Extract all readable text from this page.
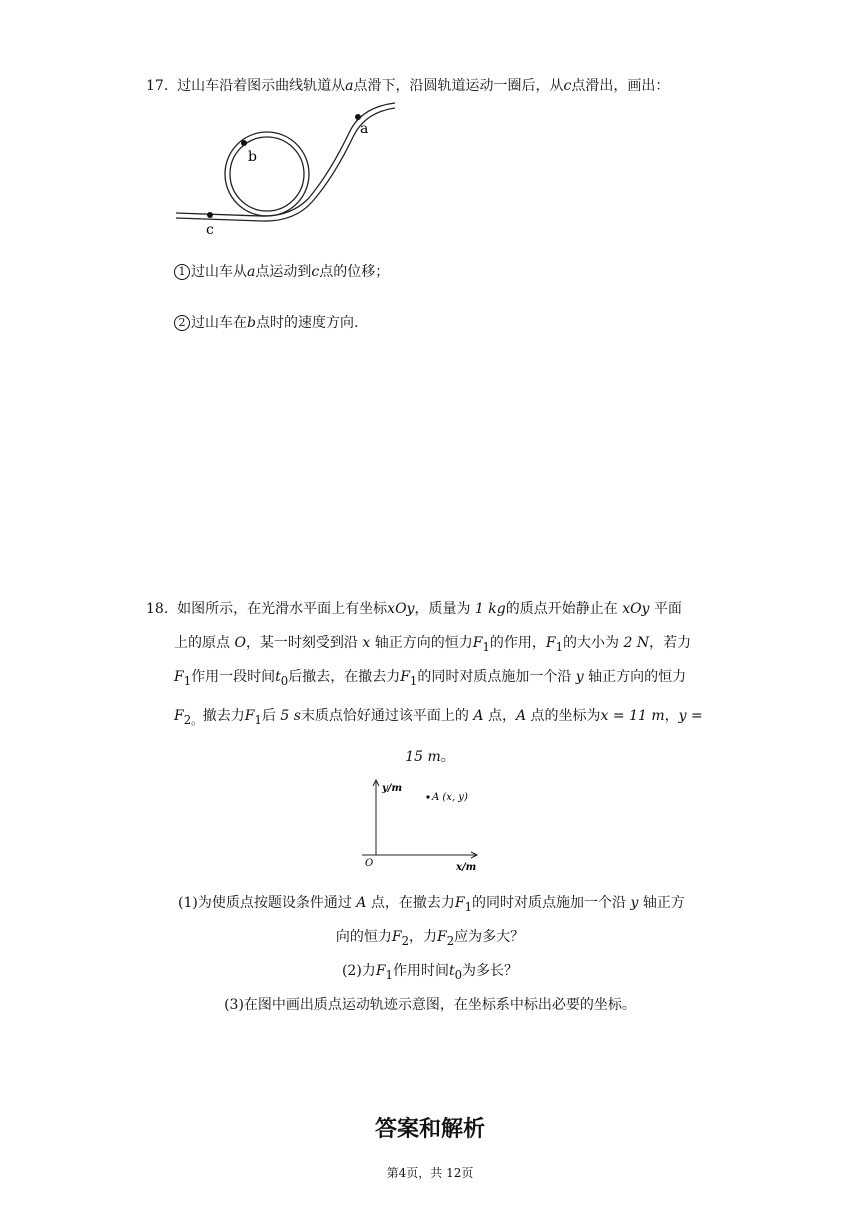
17. 过山车沿着图示曲线轨道从a点滑下，沿圆轨道运动一圈后，从c点滑出，画出：
a
b
c
1 过山车从a点运动到c点的位移；
2 过山车在b点时的速度方向.
18. 如图所示，在光滑水平面上有坐标xOy，质量为 1 kg的质点开始静止在 xOy 平面
上的原点 O，某一时刻受到沿 x 轴正方向的恒力$F_1$的作用，$F_1$的大小为 2 N，若力
$F_1$作用一段时间$t_0$后撤去，在撤去力$F_1$的同时对质点施加一个沿 y 轴正方向的恒力
$F_{2。}$撤去力$F_1$后 5 s末质点恰好通过该平面上的 A 点，A 点的坐标为x = 11 m，y =
15 m。
y/m
x/m
O
A (x, y)
(1)为使质点按题设条件通过 A 点，在撤去力$F_1$的同时对质点施加一个沿 y 轴正方
向的恒力$F_2$，力$F_2$应为多大？
(2)力$F_1$作用时间$t_0$为多长？
(3)在图中画出质点运动轨迹示意图，在坐标系中标出必要的坐标。
答案和解析
第4页，共 12页
